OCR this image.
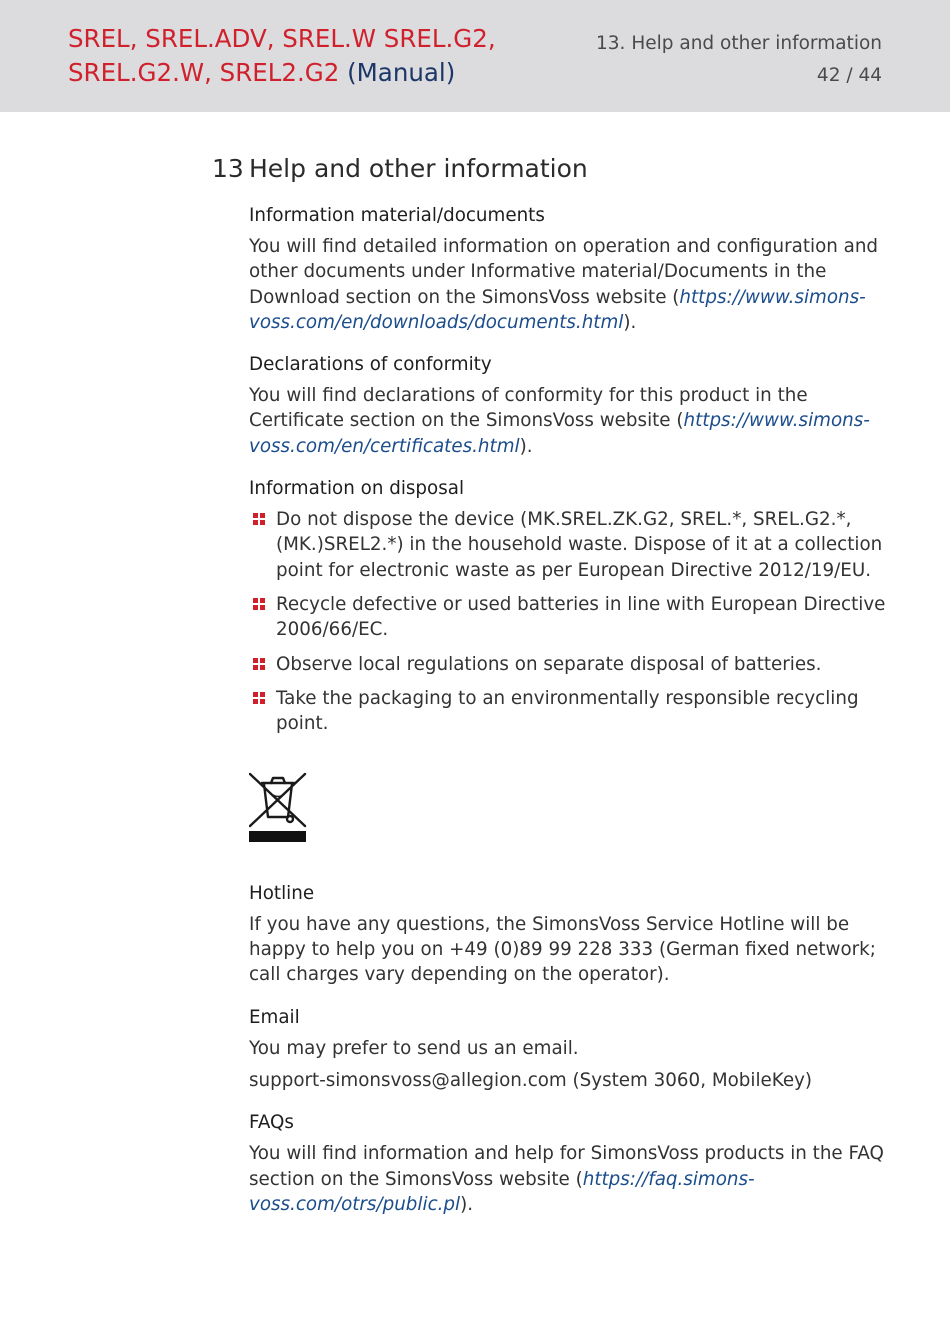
SREL, SREL.ADV, SREL.W SREL.G2,
SREL.G2.W, SREL2.G2 (Manual)
13. Help and other information
42 / 44
13 Help and other information
Information material/documents

You will find detailed information on operation and configuration and other documents under Informative material/Documents in the Download section on the SimonsVoss website (https://www.simons-voss.com/en/downloads/documents.html).

Declarations of conformity

You will find declarations of conformity for this product in the Certificate section on the SimonsVoss website (https://www.simons-voss.com/en/certificates.html).

Information on disposal
Do not dispose the device (MK.SREL.ZK.G2, SREL.*, SREL.G2.*, (MK.)SREL2.*) in the household waste. Dispose of it at a collection point for electronic waste as per European Directive 2012/19/EU.
Recycle defective or used batteries in line with European Directive 2006/66/EC.
Observe local regulations on separate disposal of batteries.
Take the packaging to an environmentally responsible recycling point.
Hotline

If you have any questions, the SimonsVoss Service Hotline will be happy to help you on +49 (0)89 99 228 333 (German fixed network; call charges vary depending on the operator).

Email

You may prefer to send us an email.

support-simonsvoss@allegion.com (System 3060, MobileKey)

FAQs

You will find information and help for SimonsVoss products in the FAQ section on the SimonsVoss website (https://faq.simons-voss.com/otrs/public.pl).
